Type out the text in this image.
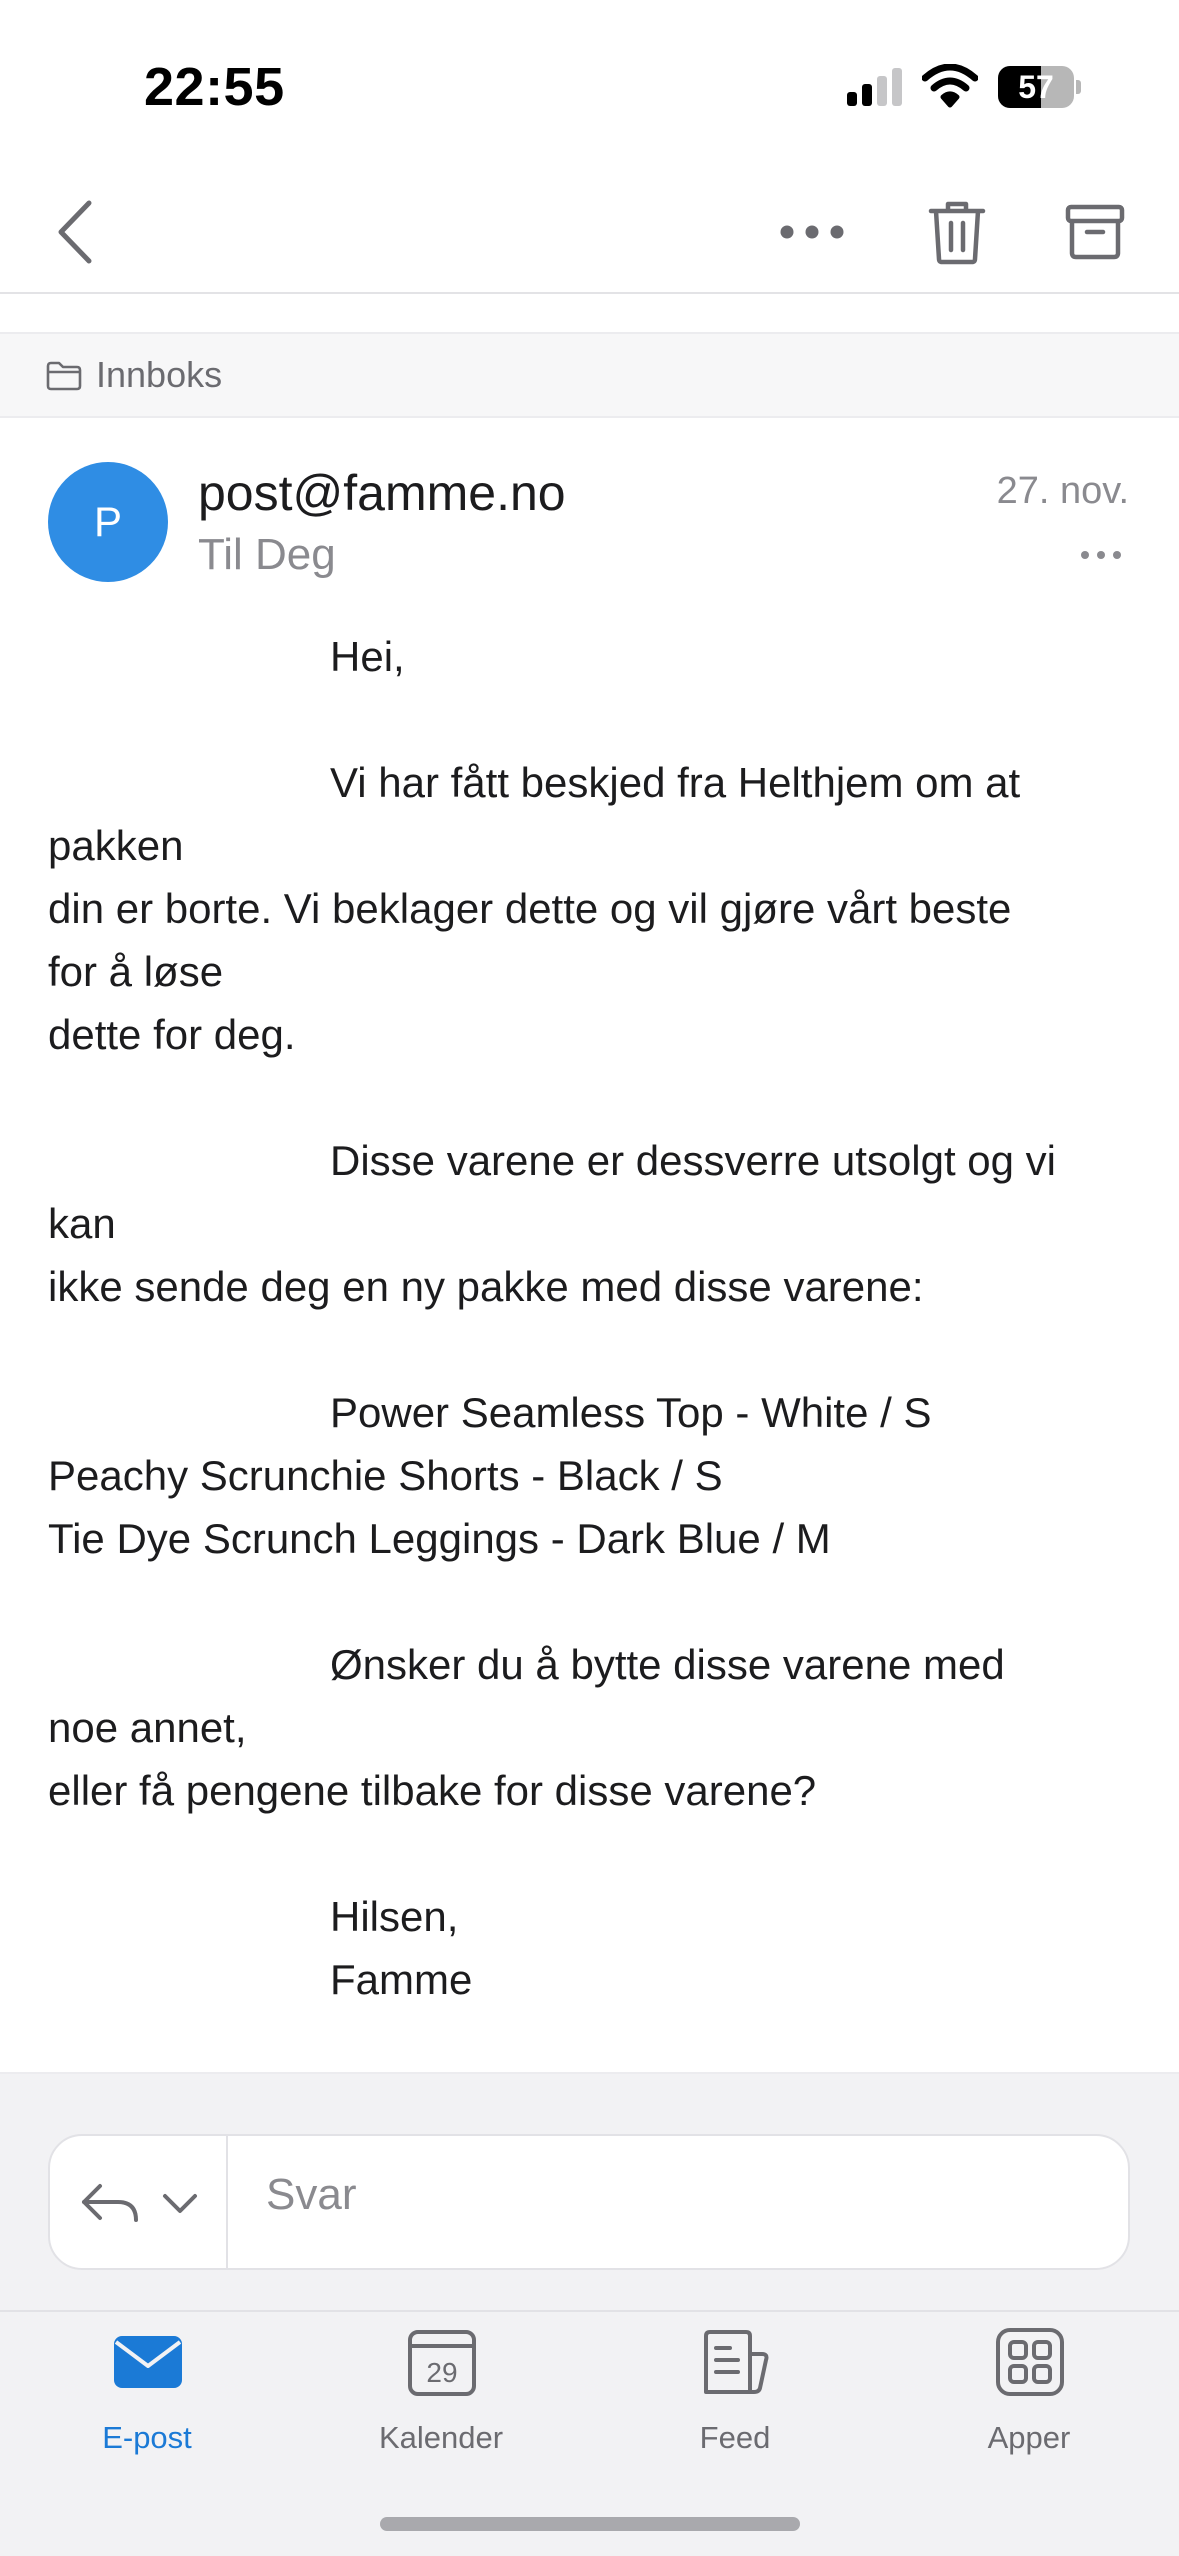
22:55	57
Innboks
P
post@famme.no
Til Deg
27. nov.
Hei,
Vi har fått beskjed fra Helthjem om at
pakken
din er borte. Vi beklager dette og vil gjøre vårt beste
for å løse
dette for deg.
Disse varene er dessverre utsolgt og vi
kan
ikke sende deg en ny pakke med disse varene:
Power Seamless Top - White / S
Peachy Scrunchie Shorts - Black / S
Tie Dye Scrunch Leggings - Dark Blue / M
Ønsker du å bytte disse varene med
noe annet,
eller få pengene tilbake for disse varene?
Hilsen,
Famme
Svar
E-post
29
Kalender	Feed	Apper
